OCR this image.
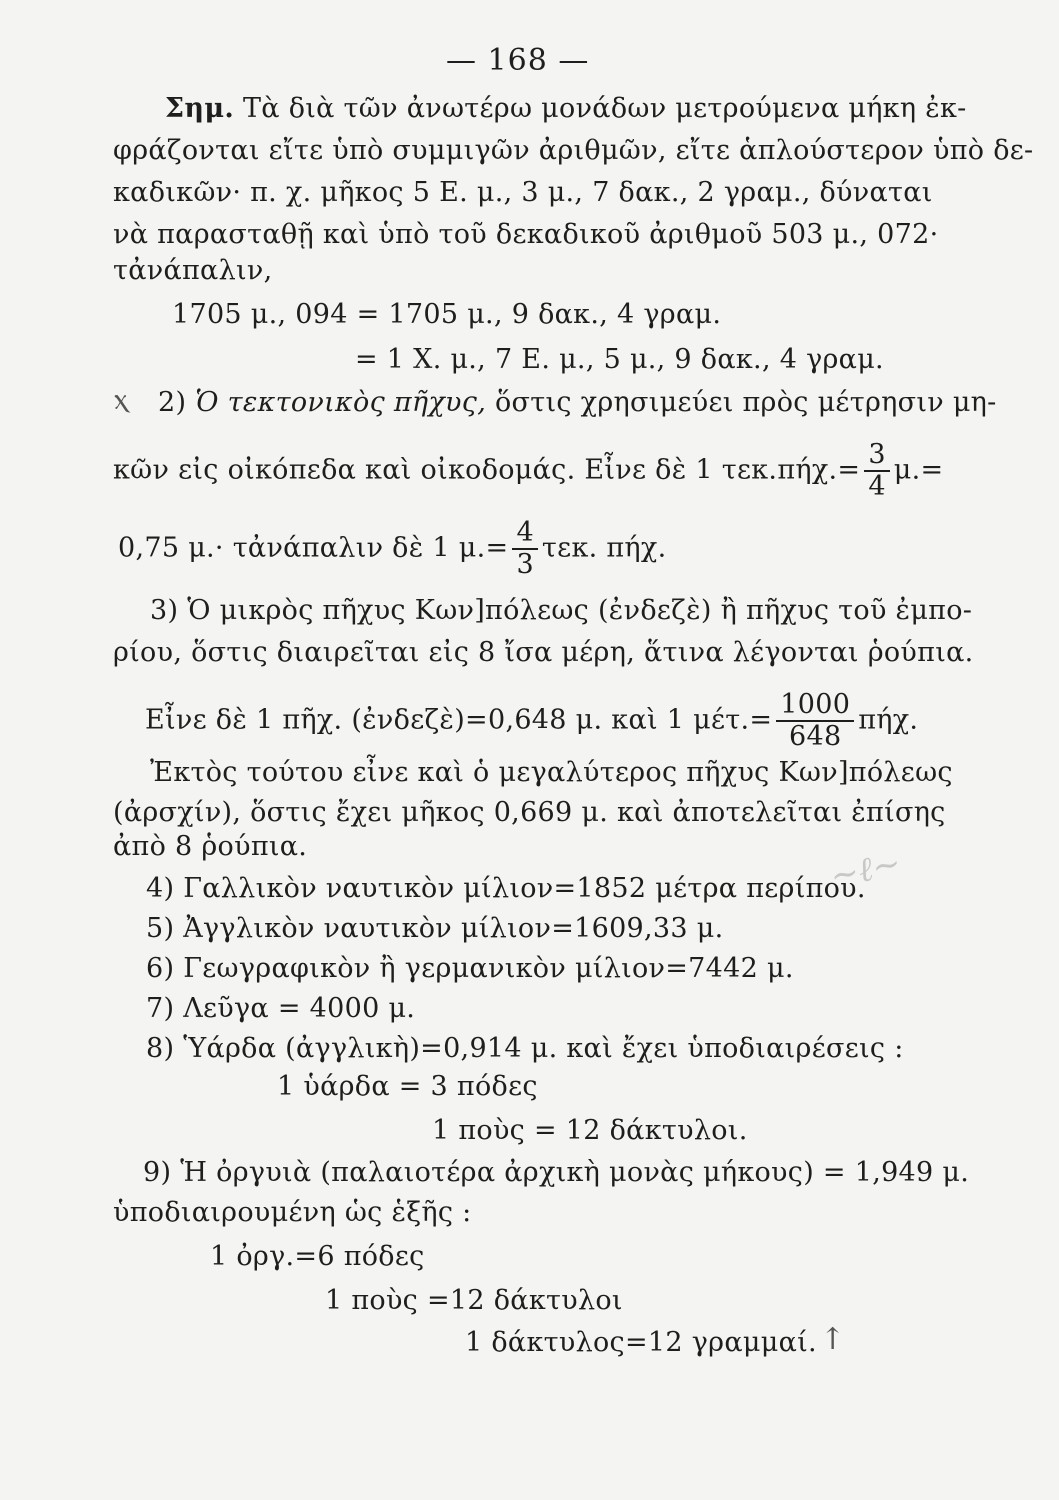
— 168 —
Σημ. Τὰ διὰ τῶν ἀνωτέρω μονάδων μετρούμενα μήκη ἐκ-
φράζονται εἴτε ὑπὸ συμμιγῶν ἀριθμῶν, εἴτε ἁπλούστερον ὑπὸ δε-
καδικῶν· π. χ. μῆκος 5 Ε. μ., 3 μ., 7 δακ., 2 γραμ., δύναται
νὰ παρασταθῇ καὶ ὑπὸ τοῦ δεκαδικοῦ ἀριθμοῦ 503 μ., 072·
τἀνάπαλιν,
1705 μ., 094 = 1705 μ., 9 δακ., 4 γραμ.
= 1 Χ. μ., 7 Ε. μ., 5 μ., 9 δακ., 4 γραμ.
ⲭ 2) Ὁ τεκτονικὸς πῆχυς, ὅστις χρησιμεύει πρὸς μέτρησιν μη-
κῶν εἰς οἰκόπεδα καὶ οἰκοδομάς. Εἶνε δὲ 1 $\tau\varepsilon\kappa.\pi ή\chi.= \frac{3}{4} \mu.=$
0,75 μ.· τἀνάπαλιν δὲ 1 $\mu.= \frac{4}{3} \tau\varepsilon\kappa$. πήχ.
3) Ὁ μικρὸς πῆχυς Κων]πόλεως (ἐνδεζὲ) ἢ πῆχυς τοῦ ἐμπο-
ρίου, ὅστις διαιρεῖται εἰς 8 ἴσα μέρη, ἅτινα λέγονται ῥούπια.
Εἶνε δὲ 1 πῆχ. (ἐνδεζὲ)=0,648 μ. καὶ 1 $\mu έ\tau.= \frac{1000}{648} \pi ή\chi$.
Ἐκτὸς τούτου εἶνε καὶ ὁ μεγαλύτερος πῆχυς Κων]πόλεως
(ἀρσχίν), ὅστις ἔχει μῆκος 0,669 μ. καὶ ἀποτελεῖται ἐπίσης
ἀπὸ 8 ῥούπια.
4) Γαλλικὸν ναυτικὸν μίλιον=1852 μέτρα περίπου.
5) Ἀγγλικὸν ναυτικὸν μίλιον=1609,33 μ.
6) Γεωγραφικὸν ἢ γερμανικὸν μίλιον=7442 μ.
7) Λεῦγα = 4000 μ.
8) Ὑάρδα (ἀγγλικὴ)=0,914 μ. καὶ ἔχει ὑποδιαιρέσεις :
1 ὑάρδα = 3 πόδες
1 ποὺς = 12 δάκτυλοι.
9) Ἡ ὀργυιὰ (παλαιοτέρα ἀρχικὴ μονὰς μήκους) = 1,949 μ.
ὑποδιαιρουμένη ὡς ἑξῆς :
1 ὀργ.=6 πόδες
1 ποὺς =12 δάκτυλοι
1 δάκτυλος=12 γραμμαί. ↑
~ℓ~
